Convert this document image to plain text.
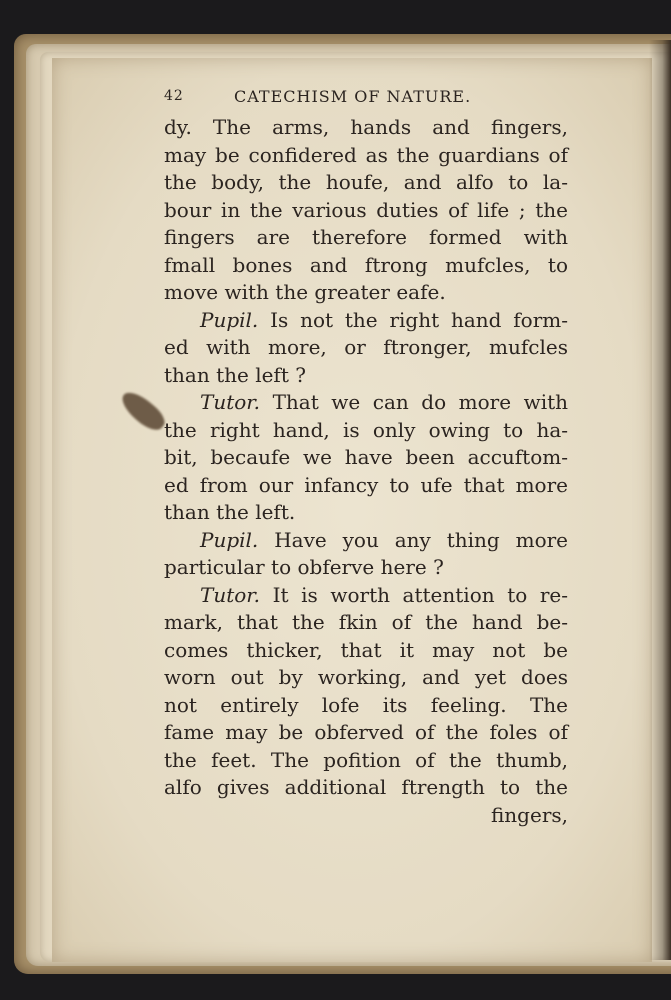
42	CATECHISM OF NATURE.
dy. The arms, hands and fingers,
may be confidered as the guardians of
the body, the houfe, and alfo to la-
bour in the various duties of life ; the
fingers are therefore formed with
fmall bones and ftrong mufcles, to
move with the greater eafe.
Pupil. Is not the right hand form-
ed with more, or ftronger, mufcles
than the left ?
Tutor. That we can do more with
the right hand, is only owing to ha-
bit, becaufe we have been accuftom-
ed from our infancy to ufe that more
than the left.
Pupil. Have you any thing more
particular to obferve here ?
Tutor. It is worth attention to re-
mark, that the fkin of the hand be-
comes thicker, that it may not be
worn out by working, and yet does
not entirely lofe its feeling. The
fame may be obferved of the foles of
the feet. The pofition of the thumb,
alfo gives additional ftrength to the
fingers,
